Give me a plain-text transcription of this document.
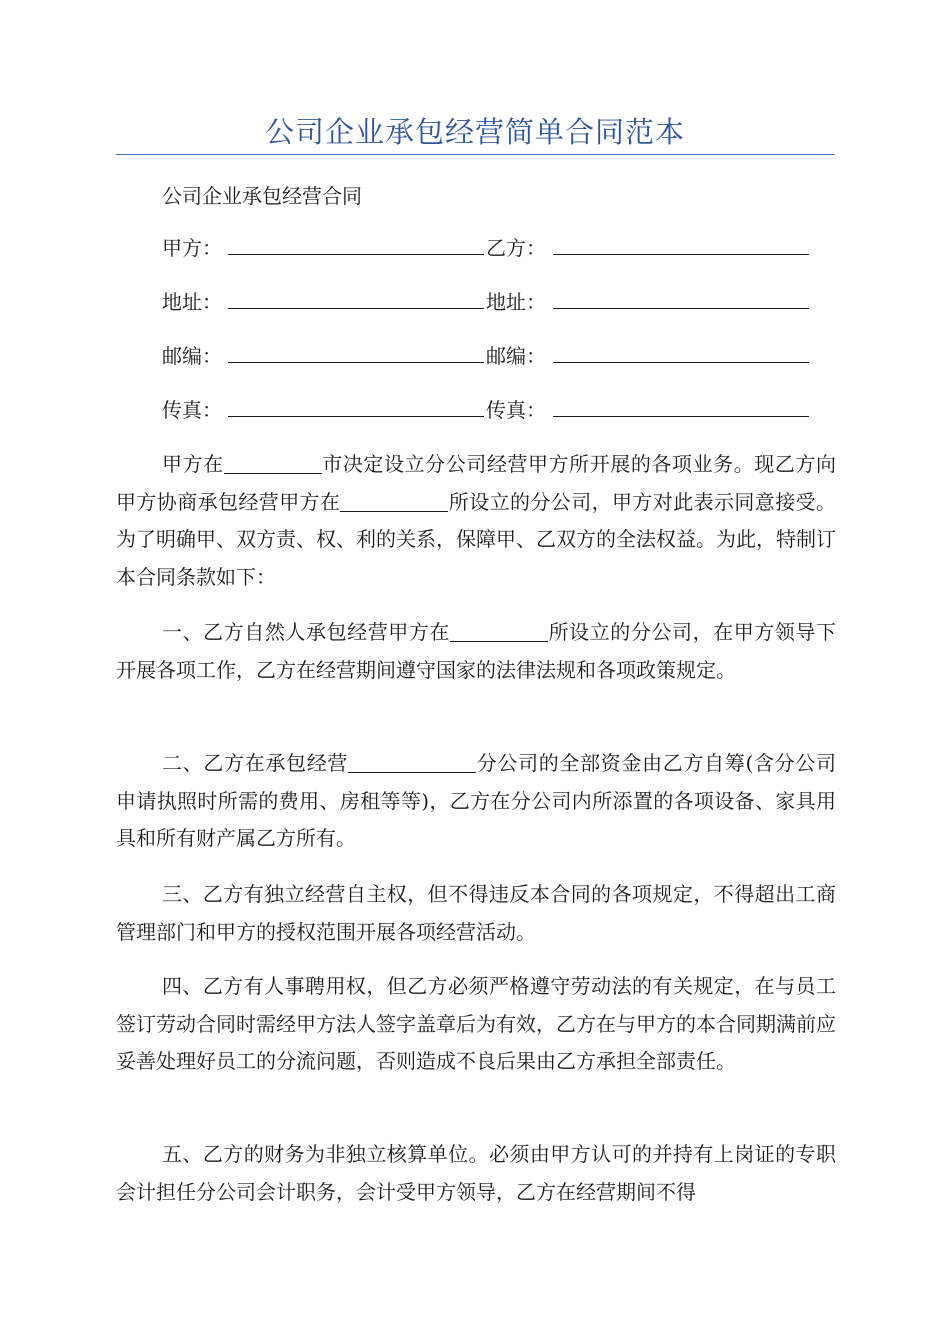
公司企业承包经营简单合同范本
公司企业承包经营合同
甲方：	乙方：
地址：	地址：
邮编：	邮编：
传真：	传真：

甲方在	市决定设立分公司经营甲方所开展的各项业务。现乙方向甲方协商承包经营甲方在	所设立的分公司，甲方对此表示同意接受。为了明确甲、双方责、权、利的关系，保障甲、乙双方的全法权益。为此，特制订本合同条款如下：

一、乙方自然人承包经营甲方在	所设立的分公司，在甲方领导下开展各项工作，乙方在经营期间遵守国家的法律法规和各项政策规定。

二、乙方在承包经营	分公司的全部资金由乙方自筹(含分公司申请执照时所需的费用、房租等等)，乙方在分公司内所添置的各项设备、家具用具和所有财产属乙方所有。

三、乙方有独立经营自主权，但不得违反本合同的各项规定，不得超出工商管理部门和甲方的授权范围开展各项经营活动。

四、乙方有人事聘用权，但乙方必须严格遵守劳动法的有关规定，在与员工签订劳动合同时需经甲方法人签字盖章后为有效，乙方在与甲方的本合同期满前应妥善处理好员工的分流问题，否则造成不良后果由乙方承担全部责任。

五、乙方的财务为非独立核算单位。必须由甲方认可的并持有上岗证的专职会计担任分公司会计职务，会计受甲方领导，乙方在经营期间不得
